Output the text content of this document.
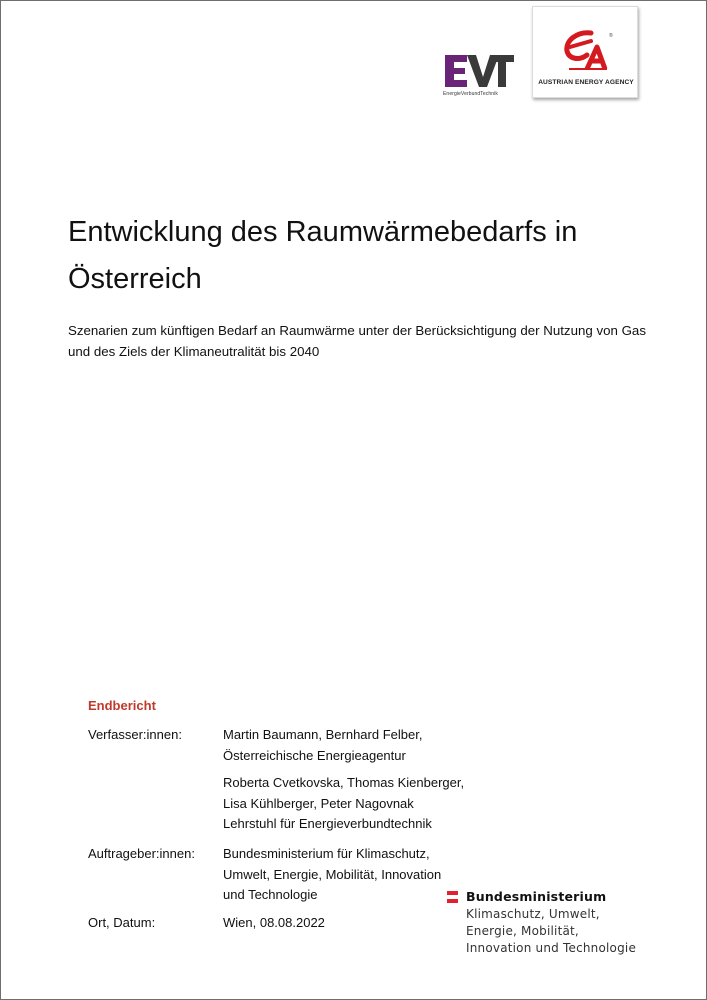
EnergieVerbundTechnik
®
AUSTRIAN ENERGY AGENCY
Entwicklung des Raumwärmebedarfs in Österreich

Szenarien zum künftigen Bedarf an Raumwärme unter der Berücksichtigung der Nutzung von Gas und des Ziels der Klimaneutralität bis 2040

Endbericht
Verfasser:innen:	Martin Baumann, Bernhard Felber,
Österreichische Energieagentur
Roberta Cvetkovska, Thomas Kienberger,
Lisa Kühlberger, Peter Nagovnak
Lehrstuhl für Energieverbundtechnik
Auftrageber:innen: Bundesministerium für Klimaschutz,
Umwelt, Energie, Mobilität, Innovation
und Technologie
Ort, Datum:	Wien, 08.08.2022
Bundesministerium
Klimaschutz, Umwelt,
Energie, Mobilität,
Innovation und Technologie
